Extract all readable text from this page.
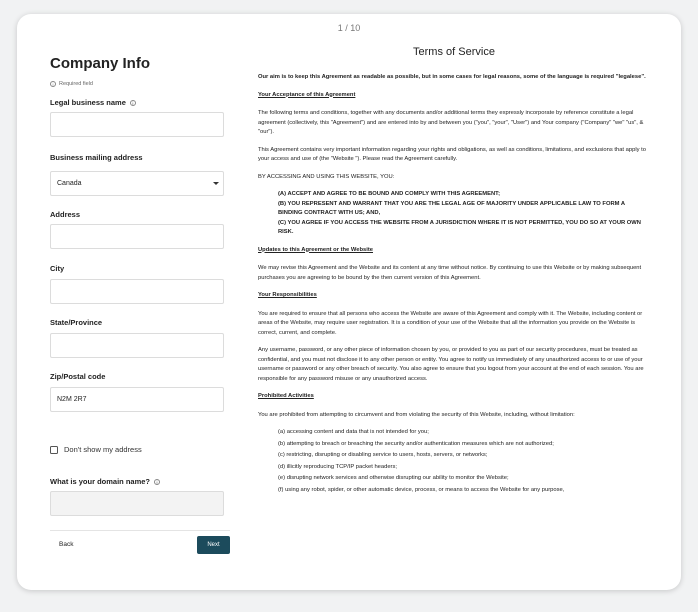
1 / 10
Company Info
i	Required field
Legal business name	i
Business mailing address
Canada
Address
City
State/Province
Zip/Postal code
N2M 2R7
Don't show my address
What is your domain name?	i
Back	Next
Terms of Service

Our aim is to keep this Agreement as readable as possible, but in some cases for legal reasons, some of the language is required "legalese".

Your Acceptance of this Agreement

The following terms and conditions, together with any documents and/or additional terms they expressly incorporate by reference constitute a legal agreement (collectively, this "Agreement") and are entered into by and between you ("you", "your", "User") and Your company ("Company" "we" "us", & "our").

This Agreement contains very important information regarding your rights and obligations, as well as conditions, limitations, and exclusions that apply to your access and use of (the "Website "). Please read the Agreement carefully.

BY ACCESSING AND USING THIS WEBSITE, YOU:

(A) ACCEPT AND AGREE TO BE BOUND AND COMPLY WITH THIS AGREEMENT;

(B) YOU REPRESENT AND WARRANT THAT YOU ARE THE LEGAL AGE OF MAJORITY UNDER APPLICABLE LAW TO FORM A BINDING CONTRACT WITH US; AND,

(C) YOU AGREE IF YOU ACCESS THE WEBSITE FROM A JURISDICTION WHERE IT IS NOT PERMITTED, YOU DO SO AT YOUR OWN RISK.

Updates to this Agreement or the Website

We may revise this Agreement and the Website and its content at any time without notice. By continuing to use this Website or by making subsequent purchases you are agreeing to be bound by the then current version of this Agreement.

Your Responsibilities

You are required to ensure that all persons who access the Website are aware of this Agreement and comply with it. The Website, including content or areas of the Website, may require user registration. It is a condition of your use of the Website that all the information you provide on the Website is correct, current, and complete.

Any username, password, or any other piece of information chosen by you, or provided to you as part of our security procedures, must be treated as confidential, and you must not disclose it to any other person or entity. You agree to notify us immediately of any unauthorized access to or use of your username or password or any other breach of security. You also agree to ensure that you logout from your account at the end of each session. You are responsible for any password misuse or any unauthorized access.

Prohibited Activities

You are prohibited from attempting to circumvent and from violating the security of this Website, including, without limitation:

(a) accessing content and data that is not intended for you;

(b) attempting to breach or breaching the security and/or authentication measures which are not authorized;

(c) restricting, disrupting or disabling service to users, hosts, servers, or networks;

(d) illicitly reproducing TCP/IP packet headers;

(e) disrupting network services and otherwise disrupting our ability to monitor the Website;

(f) using any robot, spider, or other automatic device, process, or means to access the Website for any purpose,
